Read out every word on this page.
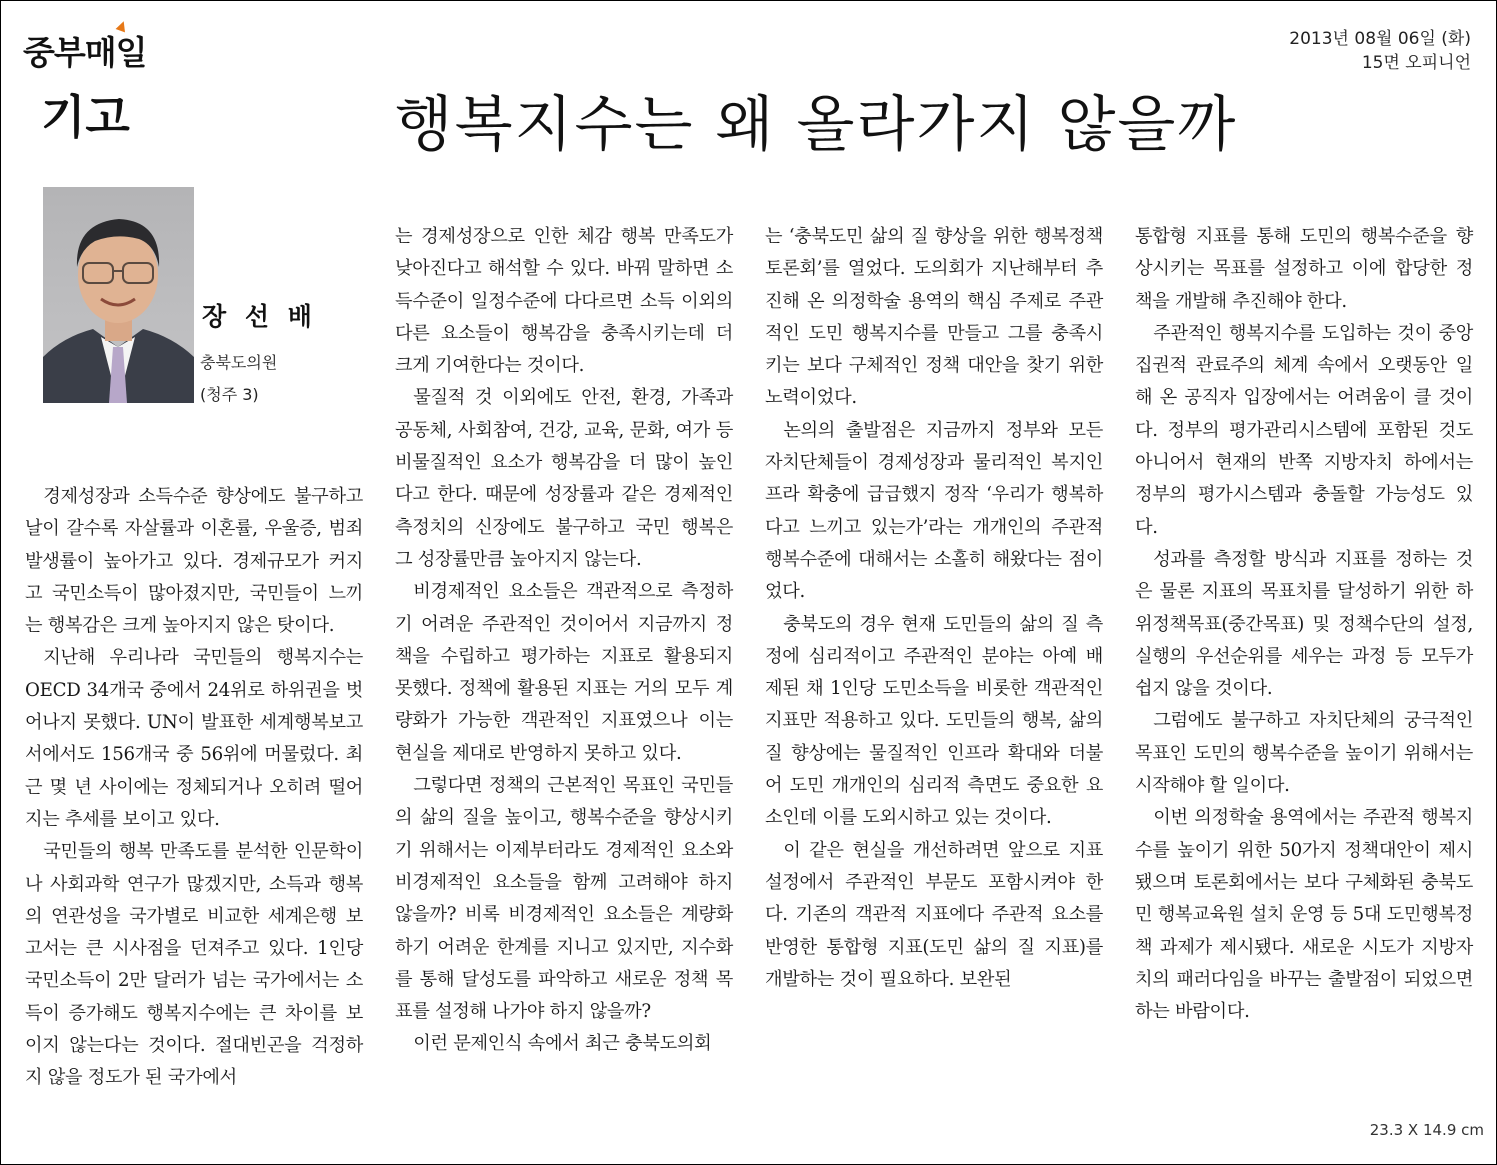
중부매일
기고
2013년 08월 06일 (화)
15면 오피니언
행복지수는 왜 올라가지 않을까
장 선 배
충북도의원
(청주 3)

경제성장과 소득수준 향상에도 불구하고 날이 갈수록 자살률과 이혼률, 우울증, 범죄 발생률이 높아가고 있다. 경제규모가 커지고 국민소득이 많아졌지만, 국민들이 느끼는 행복감은 크게 높아지지 않은 탓이다.

지난해 우리나라 국민들의 행복지수는 OECD 34개국 중에서 24위로 하위권을 벗어나지 못했다. UN이 발표한 세계행복보고서에서도 156개국 중 56위에 머물렀다. 최근 몇 년 사이에는 정체되거나 오히려 떨어지는 추세를 보이고 있다.

국민들의 행복 만족도를 분석한 인문학이나 사회과학 연구가 많겠지만, 소득과 행복의 연관성을 국가별로 비교한 세계은행 보고서는 큰 시사점을 던져주고 있다. 1인당 국민소득이 2만 달러가 넘는 국가에서는 소득이 증가해도 행복지수에는 큰 차이를 보이지 않는다는 것이다. 절대빈곤을 걱정하지 않을 정도가 된 국가에서

는 경제성장으로 인한 체감 행복 만족도가 낮아진다고 해석할 수 있다. 바꿔 말하면 소득수준이 일정수준에 다다르면 소득 이외의 다른 요소들이 행복감을 충족시키는데 더 크게 기여한다는 것이다.

물질적 것 이외에도 안전, 환경, 가족과 공동체, 사회참여, 건강, 교육, 문화, 여가 등 비물질적인 요소가 행복감을 더 많이 높인다고 한다. 때문에 성장률과 같은 경제적인 측정치의 신장에도 불구하고 국민 행복은 그 성장률만큼 높아지지 않는다.

비경제적인 요소들은 객관적으로 측정하기 어려운 주관적인 것이어서 지금까지 정책을 수립하고 평가하는 지표로 활용되지 못했다. 정책에 활용된 지표는 거의 모두 계량화가 가능한 객관적인 지표였으나 이는 현실을 제대로 반영하지 못하고 있다.

그렇다면 정책의 근본적인 목표인 국민들의 삶의 질을 높이고, 행복수준을 향상시키기 위해서는 이제부터라도 경제적인 요소와 비경제적인 요소들을 함께 고려해야 하지 않을까? 비록 비경제적인 요소들은 계량화하기 어려운 한계를 지니고 있지만, 지수화를 통해 달성도를 파악하고 새로운 정책 목표를 설정해 나가야 하지 않을까?

이런 문제인식 속에서 최근 충북도의회

는 ‘충북도민 삶의 질 향상을 위한 행복정책 토론회’를 열었다. 도의회가 지난해부터 추진해 온 의정학술 용역의 핵심 주제로 주관적인 도민 행복지수를 만들고 그를 충족시키는 보다 구체적인 정책 대안을 찾기 위한 노력이었다.

논의의 출발점은 지금까지 정부와 모든 자치단체들이 경제성장과 물리적인 복지인프라 확충에 급급했지 정작 ‘우리가 행복하다고 느끼고 있는가’라는 개개인의 주관적 행복수준에 대해서는 소홀히 해왔다는 점이었다.

충북도의 경우 현재 도민들의 삶의 질 측정에 심리적이고 주관적인 분야는 아예 배제된 채 1인당 도민소득을 비롯한 객관적인 지표만 적용하고 있다. 도민들의 행복, 삶의 질 향상에는 물질적인 인프라 확대와 더불어 도민 개개인의 심리적 측면도 중요한 요소인데 이를 도외시하고 있는 것이다.

이 같은 현실을 개선하려면 앞으로 지표 설정에서 주관적인 부문도 포함시켜야 한다. 기존의 객관적 지표에다 주관적 요소를 반영한 통합형 지표(도민 삶의 질 지표)를 개발하는 것이 필요하다. 보완된

통합형 지표를 통해 도민의 행복수준을 향상시키는 목표를 설정하고 이에 합당한 정책을 개발해 추진해야 한다.

주관적인 행복지수를 도입하는 것이 중앙집권적 관료주의 체계 속에서 오랫동안 일해 온 공직자 입장에서는 어려움이 클 것이다. 정부의 평가관리시스템에 포함된 것도 아니어서 현재의 반쪽 지방자치 하에서는 정부의 평가시스템과 충돌할 가능성도 있다.

성과를 측정할 방식과 지표를 정하는 것은 물론 지표의 목표치를 달성하기 위한 하위정책목표(중간목표) 및 정책수단의 설정, 실행의 우선순위를 세우는 과정 등 모두가 쉽지 않을 것이다.

그럼에도 불구하고 자치단체의 궁극적인 목표인 도민의 행복수준을 높이기 위해서는 시작해야 할 일이다.

이번 의정학술 용역에서는 주관적 행복지수를 높이기 위한 50가지 정책대안이 제시됐으며 토론회에서는 보다 구체화된 충북도민 행복교육원 설치 운영 등 5대 도민행복정책 과제가 제시됐다. 새로운 시도가 지방자치의 패러다임을 바꾸는 출발점이 되었으면 하는 바람이다.

23.3 X 14.9 cm
